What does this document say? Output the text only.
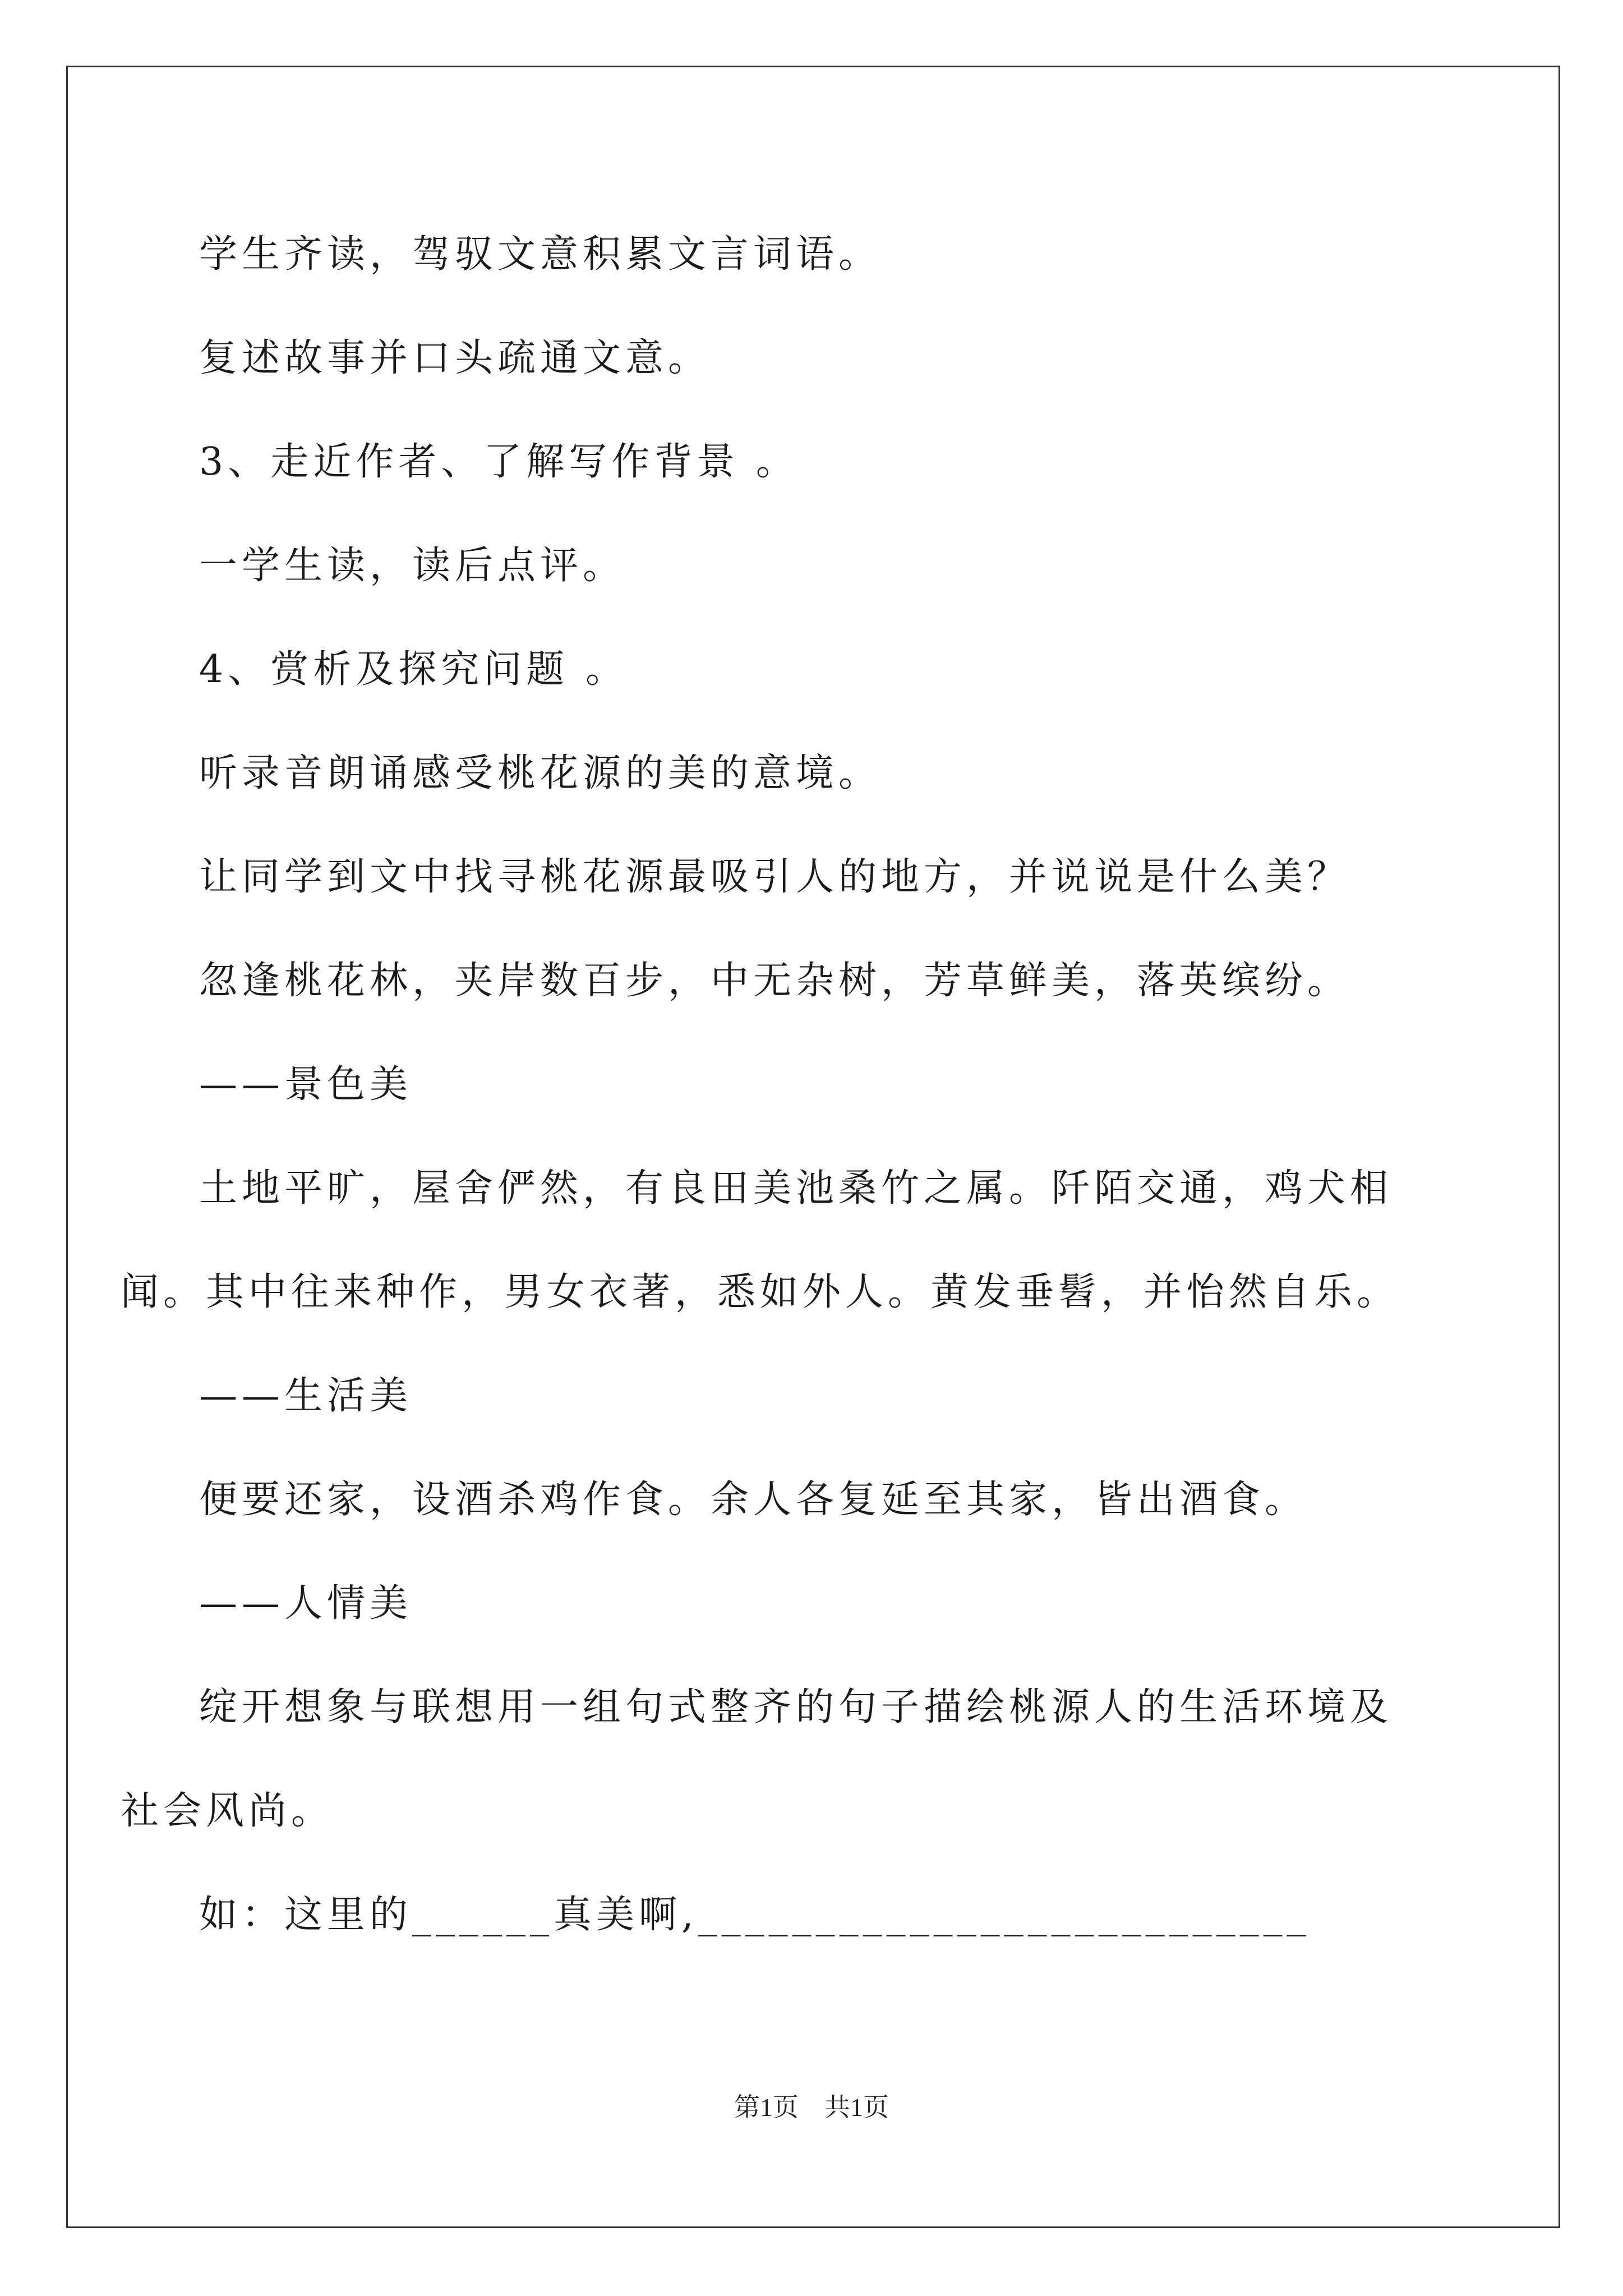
学生齐读，驾驭文意积累文言词语。
复述故事并口头疏通文意。
3、走近作者、了解写作背景 。
一学生读，读后点评。
4、赏析及探究问题 。
听录音朗诵感受桃花源的美的意境。
让同学到文中找寻桃花源最吸引人的地方，并说说是什么美？
忽逢桃花林，夹岸数百步，中无杂树，芳草鲜美，落英缤纷。
——景色美
土地平旷，屋舍俨然，有良田美池桑竹之属。阡陌交通，鸡犬相
闻。其中往来种作，男女衣著，悉如外人。黄发垂髫，并怡然自乐。
——生活美
便要还家，设酒杀鸡作食。余人各复延至其家，皆出酒食。
——人情美
绽开想象与联想用一组句式整齐的句子描绘桃源人的生活环境及
社会风尚。
如：这里的______真美啊,__________________________
第1页　共1页
